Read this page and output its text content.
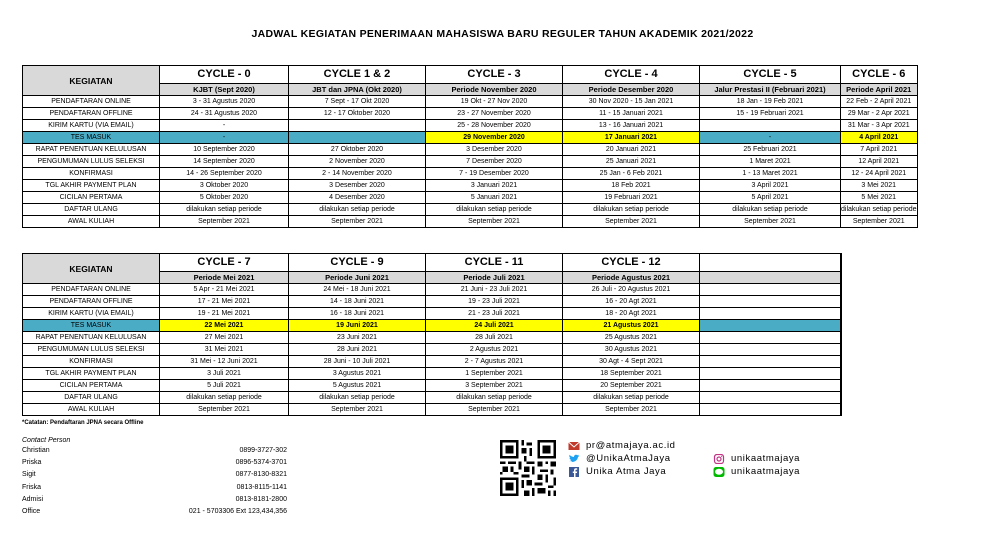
JADWAL KEGIATAN PENERIMAAN MAHASISWA BARU REGULER TAHUN AKADEMIK 2021/2022
KEGIATAN	CYCLE - 0	CYCLE 1 & 2	CYCLE - 3	CYCLE - 4	CYCLE - 5	CYCLE - 6
	KJBT (Sept 2020)	JBT dan JPNA (Okt 2020)	Periode November 2020	Periode Desember 2020	Jalur Prestasi II (Februari 2021)	Periode April 2021
PENDAFTARAN ONLINE	3 - 31 Agustus 2020	7 Sept - 17 Okt 2020	19 Okt - 27 Nov 2020	30 Nov 2020 - 15 Jan 2021	18 Jan - 19 Feb 2021	22 Feb - 2 April 2021
PENDAFTARAN OFFLINE	24 - 31 Agustus 2020	12 - 17 Oktober 2020	23 - 27 November 2020	11 - 15 Januari 2021	15 - 19 Februari 2021	29 Mar - 2 Apr 2021
KIRIM KARTU (VIA EMAIL)	-		25 - 28 November 2020	13 - 16 Januari 2021		31 Mar - 3 Apr 2021
TES MASUK	-		29 November 2020	17 Januari 2021	-	4 April 2021
RAPAT PENENTUAN KELULUSAN	10 September 2020	27 Oktober 2020	3 Desember 2020	20 Januari 2021	25 Februari 2021	7 April 2021
PENGUMUMAN LULUS SELEKSI	14 September 2020	2 November 2020	7 Desember 2020	25 Januari 2021	1 Maret 2021	12 April 2021
KONFIRMASI	14 - 26 September 2020	2 - 14 November 2020	7 - 19 Desember 2020	25 Jan - 6 Feb 2021	1 - 13 Maret 2021	12 - 24 April 2021
TGL AKHIR PAYMENT PLAN	3 Oktober 2020	3 Desember 2020	3 Januari 2021	18 Feb 2021	3 April 2021	3 Mei 2021
CICILAN PERTAMA	5 Oktober 2020	4 Desember 2020	5 Januari 2021	19 Februari 2021	5 April 2021	5 Mei 2021
DAFTAR ULANG	dilakukan setiap periode	dilakukan setiap periode	dilakukan setiap periode	dilakukan setiap periode	dilakukan setiap periode	dilakukan setiap periode
AWAL KULIAH	September 2021	September 2021	September 2021	September 2021	September 2021	September 2021
KEGIATAN	CYCLE - 7	CYCLE - 9	CYCLE - 11	CYCLE - 12		
	Periode Mei 2021	Periode Juni 2021	Periode Juli 2021	Periode Agustus 2021		
PENDAFTARAN ONLINE	5 Apr - 21 Mei 2021	24 Mei - 18 Juni 2021	21 Juni - 23 Juli 2021	26 Juli - 20 Agustus 2021		
PENDAFTARAN OFFLINE	17 - 21 Mei 2021	14 - 18 Juni 2021	19 - 23 Juli 2021	16 - 20 Agt 2021		
KIRIM KARTU (VIA EMAIL)	19 - 21 Mei 2021	16 - 18 Juni 2021	21 - 23 Juli 2021	18 - 20 Agt 2021		
TES MASUK	22 Mei 2021	19 Juni 2021	24 Juli 2021	21 Agustus 2021		
RAPAT PENENTUAN KELULUSAN	27 Mei 2021	23 Juni 2021	28 Juli 2021	25 Agustus 2021		
PENGUMUMAN LULUS SELEKSI	31 Mei 2021	28 Juni 2021	2 Agustus 2021	30 Agustus 2021		
KONFIRMASI	31 Mei - 12 Juni 2021	28 Juni - 10 Juli 2021	2 - 7 Agustus 2021	30 Agt - 4 Sept 2021		
TGL AKHIR PAYMENT PLAN	3 Juli 2021	3 Agustus 2021	1 September 2021	18 September 2021		
CICILAN PERTAMA	5 Juli 2021	5 Agustus 2021	3 September 2021	20 September 2021		
DAFTAR ULANG	dilakukan setiap periode	dilakukan setiap periode	dilakukan setiap periode	dilakukan setiap periode		
AWAL KULIAH	September 2021	September 2021	September 2021	September 2021		
*Catatan: Pendaftaran JPNA secara Offline
Contact Person
Christian	0899-3727-302
Priska	0896-5374-3701
Sigit	0877-8130-8321
Friska	0813-8115-1141
Admisi	0813-8181-2800
Office	021 - 5703306 Ext 123,434,356
pr@atmajaya.ac.id
@UnikaAtmaJaya
Unika Atma Jaya
unikaatmajaya
unikaatmajaya
